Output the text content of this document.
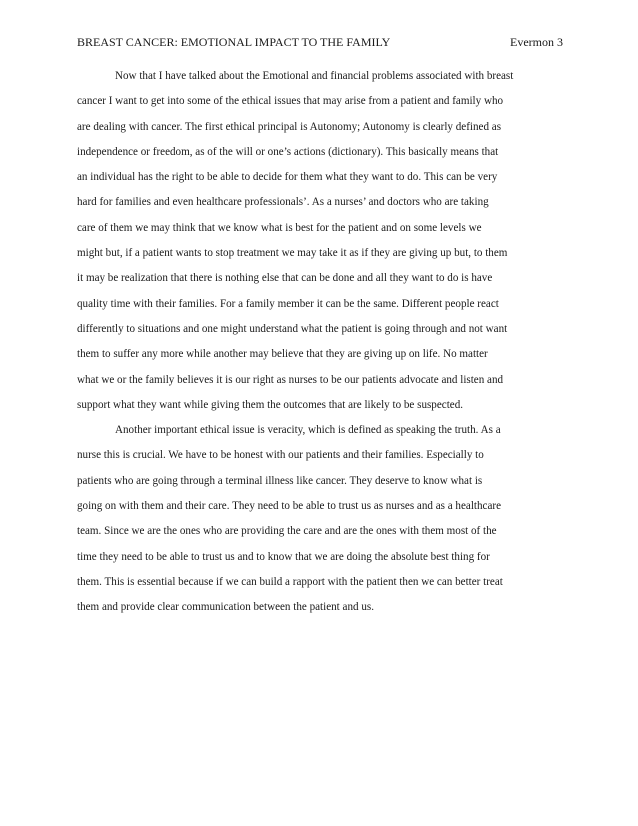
BREAST CANCER: EMOTIONAL IMPACT TO THE FAMILY	Evermon 3
Now that I have talked about the Emotional and financial problems associated with breast
cancer I want to get into some of the ethical issues that may arise from a patient and family who
are dealing with cancer. The first ethical principal is Autonomy; Autonomy is clearly defined as
independence or freedom, as of the will or one’s actions (dictionary). This basically means that
an individual has the right to be able to decide for them what they want to do. This can be very
hard for families and even healthcare professionals’. As a nurses’ and doctors who are taking
care of them we may think that we know what is best for the patient and on some levels we
might but, if a patient wants to stop treatment we may take it as if they are giving up but, to them
it may be realization that there is nothing else that can be done and all they want to do is have
quality time with their families. For a family member it can be the same. Different people react
differently to situations and one might understand what the patient is going through and not want
them to suffer any more while another may believe that they are giving up on life. No matter
what we or the family believes it is our right as nurses to be our patients advocate and listen and
support what they want while giving them the outcomes that are likely to be suspected.
Another important ethical issue is veracity, which is defined as speaking the truth. As a
nurse this is crucial. We have to be honest with our patients and their families. Especially to
patients who are going through a terminal illness like cancer. They deserve to know what is
going on with them and their care. They need to be able to trust us as nurses and as a healthcare
team. Since we are the ones who are providing the care and are the ones with them most of the
time they need to be able to trust us and to know that we are doing the absolute best thing for
them. This is essential because if we can build a rapport with the patient then we can better treat
them and provide clear communication between the patient and us.
